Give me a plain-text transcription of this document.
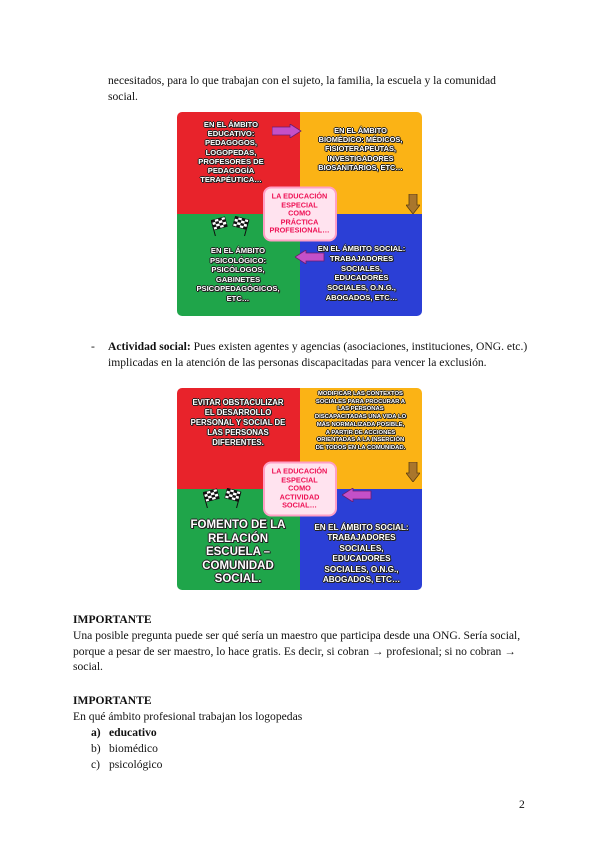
necesitados, para lo que trabajan con el sujeto, la familia, la escuela y la comunidad social.
EN EL ÁMBITO
EDUCATIVO:
PEDAGOGOS,
LOGOPEDAS,
PROFESORES DE
PEDAGOGÍA
TERAPÉUTICA…
EN EL ÁMBITO
BIOMÉDICO: MÉDICOS,
FISIOTERAPEUTAS,
INVESTIGADORES
BIOSANITARIOS, ETC…
EN EL ÁMBITO
PSICOLÓGICO:
PSICÓLOGOS,
GABINETES
PSICOPEDAGÓGICOS,
ETC…
EN EL ÁMBITO SOCIAL:
TRABAJADORES
SOCIALES,
EDUCADORES
SOCIALES, O.N.G.,
ABOGADOS, ETC…
LA EDUCACIÓN
ESPECIAL
COMO
PRÁCTICA
PROFESIONAL…
- Actividad social: Pues existen agentes y agencias (asociaciones, instituciones, ONG. etc.) implicadas en la atención de las personas discapacitadas para vencer la exclusión.
EVITAR OBSTACULIZAR
EL DESARROLLO
PERSONAL Y SOCIAL DE
LAS PERSONAS
DIFERENTES.
MODIFICAR LAS CONTEXTOS
SOCIALES PARA PROCURAR A
LAS PERSONAS
DISCAPACITADAS UNA VIDA LO
MÁS NORMALIZADA POSIBLE,
A PARTIR DE ACCIONES
ORIENTADAS A LA INSERCIÓN
DE TODOS EN LA COMUNIDAD.
FOMENTO DE LA
RELACIÓN
ESCUELA –
COMUNIDAD
SOCIAL.
EN EL ÁMBITO SOCIAL:
TRABAJADORES
SOCIALES,
EDUCADORES
SOCIALES, O.N.G.,
ABOGADOS, ETC…
LA EDUCACIÓN
ESPECIAL
COMO
ACTIVIDAD
SOCIAL…
IMPORTANTE
Una posible pregunta puede ser qué sería un maestro que participa desde una ONG. Sería social, porque a pesar de ser maestro, lo hace gratis. Es decir, si cobran → profesional; si no cobran → social.
IMPORTANTE
En qué ámbito profesional trabajan los logopedas
a) educativo
b) biomédico
c) psicológico
2
